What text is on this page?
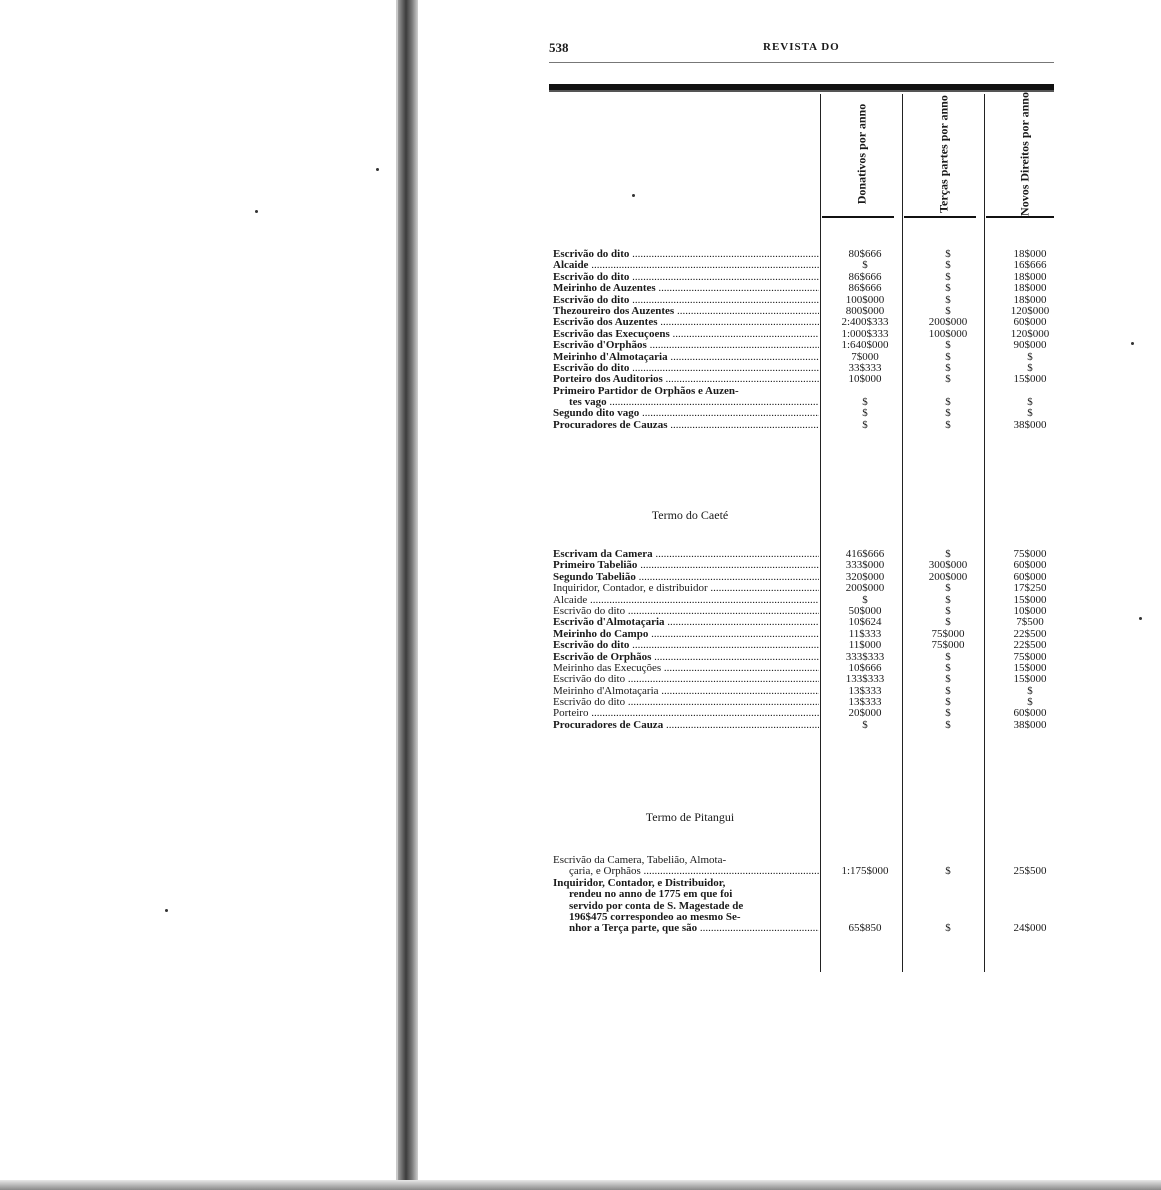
538	REVISTA DO
Donativos por anno	Terças partes por anno	Novos Direitos por anno
Escrivão do dito .....	80$666	$	18$000
Alcaide .....	$	$	16$666
Escrivão do dito .....	86$666	$	18$000
Meirinho de Auzentes .....	86$666	$	18$000
Escrivão do dito .....	100$000	$	18$000
Thezoureiro dos Auzentes .....	800$000	$	120$000
Escrivão dos Auzentes .....	2:400$333	200$000	60$000
Escrivão das Execuçoens .....	1:000$333	100$000	120$000
Escrivão d'Orphãos .....	1:640$000	$	90$000
Meirinho d'Almotaçaria .....	7$000	$	$
Escrivão do dito .....	33$333	$	$
Porteiro dos Auditorios .....	10$000	$	15$000
Primeiro Partidor de Orphãos e Auzen-
tes vago .....	$	$	$
Segundo dito vago .....	$	$	$
Procuradores de Cauzas .....	$	$	38$000
Termo do Caeté
Escrivam da Camera .....	416$666	$	75$000
Primeiro Tabelião .....	333$000	300$000	60$000
Segundo Tabelião .....	320$000	200$000	60$000
Inquiridor, Contador, e distribuidor .....	200$000	$	17$250
Alcaide .....	$	$	15$000
Escrivão do dito .....	50$000	$	10$000
Escrivão d'Almotaçaria .....	10$624	$	7$500
Meirinho do Campo .....	11$333	75$000	22$500
Escrivão do dito .....	11$000	75$000	22$500
Escrivão de Orphãos .....	333$333	$	75$000
Meirinho das Execuções .....	10$666	$	15$000
Escrivão do dito .....	133$333	$	15$000
Meirinho d'Almotaçaria .....	13$333	$	$
Escrivão do dito .....	13$333	$	$
Porteiro .....	20$000	$	60$000
Procuradores de Cauza .....	$	$	38$000
Termo de Pitangui
Escrivão da Camera, Tabelião, Almota-
çaria, e Orphãos .....	1:175$000	$	25$500
Inquiridor, Contador, e Distribuidor,
rendeu no anno de 1775 em que foi
servido por conta de S. Magestade de
196$475 correspondeo ao mesmo Se-
nhor a Terça parte, que são .....	65$850	$	24$000
